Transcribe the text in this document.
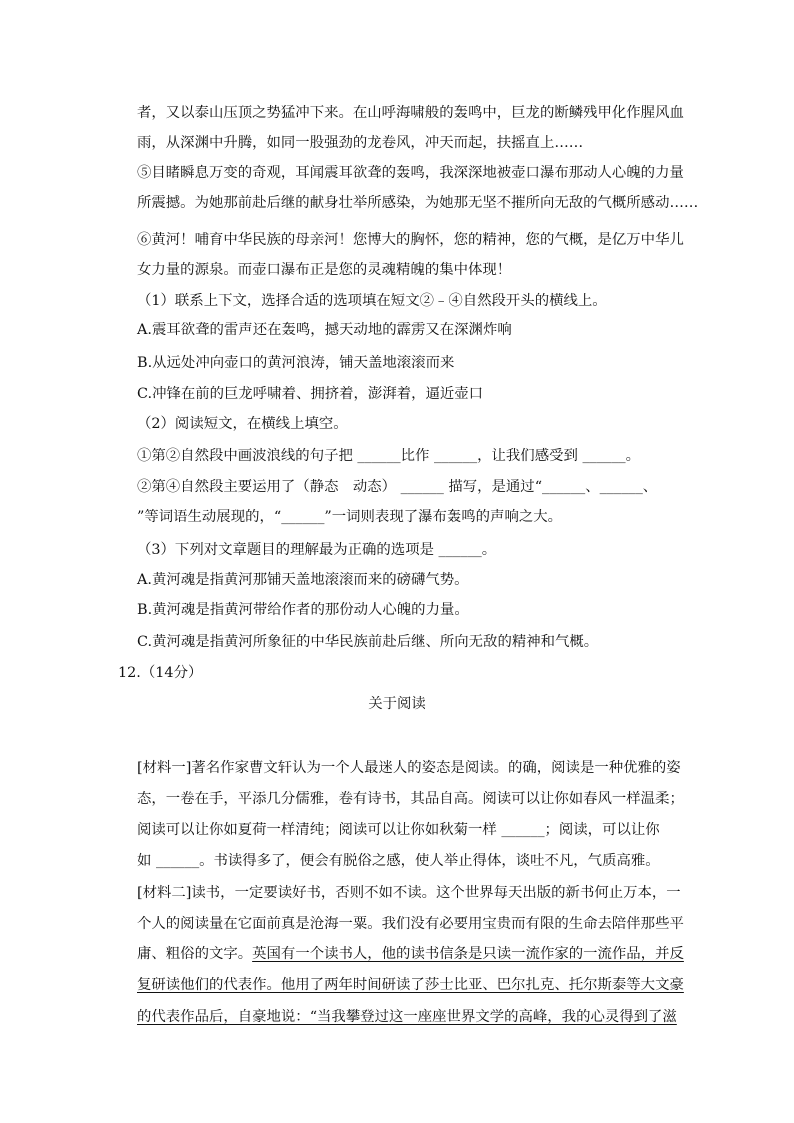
者，又以泰山压顶之势猛冲下来。在山呼海啸般的轰鸣中，巨龙的断鳞残甲化作腥风血
雨，从深渊中升腾，如同一股强劲的龙卷风，冲天而起，扶摇直上……
⑤目睹瞬息万变的奇观，耳闻震耳欲聋的轰鸣，我深深地被壶口瀑布那动人心魄的力量
所震撼。为她那前赴后继的献身壮举所感染，为她那无坚不摧所向无敌的气概所感动……
⑥黄河！哺育中华民族的母亲河！您博大的胸怀，您的精神，您的气概，是亿万中华儿
女力量的源泉。而壶口瀑布正是您的灵魂精魄的集中体现！
（1）联系上下文，选择合适的选项填在短文②﹣④自然段开头的横线上。
A.震耳欲聋的雷声还在轰鸣，撼天动地的霹雳又在深渊炸响
B.从远处冲向壶口的黄河浪涛，铺天盖地滚滚而来
C.冲锋在前的巨龙呼啸着、拥挤着，澎湃着，逼近壶口
（2）阅读短文，在横线上填空。
①第②自然段中画波浪线的句子把 ______比作 ______，让我们感受到 ______。
②第④自然段主要运用了（静态　动态） ______ 描写，是通过“______、______、
”等词语生动展现的，“______”一词则表现了瀑布轰鸣的声响之大。
（3）下列对文章题目的理解最为正确的选项是 ______。
A.黄河魂是指黄河那铺天盖地滚滚而来的磅礴气势。
B.黄河魂是指黄河带给作者的那份动人心魄的力量。
C.黄河魂是指黄河所象征的中华民族前赴后继、所向无敌的精神和气概。
12.（14分）
关于阅读
[材料一]著名作家曹文轩认为一个人最迷人的姿态是阅读。的确，阅读是一种优雅的姿
态，一卷在手，平添几分儒雅，卷有诗书，其品自高。阅读可以让你如春风一样温柔；
阅读可以让你如夏荷一样清纯；阅读可以让你如秋菊一样 ______；阅读，可以让你
如 ______。书读得多了，便会有脱俗之感，使人举止得体，谈吐不凡，气质高雅。
[材料二]读书，一定要读好书，否则不如不读。这个世界每天出版的新书何止万本，一
个人的阅读量在它面前真是沧海一粟。我们没有必要用宝贵而有限的生命去陪伴那些平
庸、粗俗的文字。英国有一个读书人，他的读书信条是只读一流作家的一流作品，并反
复研读他们的代表作。他用了两年时间研读了莎士比亚、巴尔扎克、托尔斯泰等大文豪
的代表作品后，自豪地说：“当我攀登过这一座座世界文学的高峰，我的心灵得到了滋
